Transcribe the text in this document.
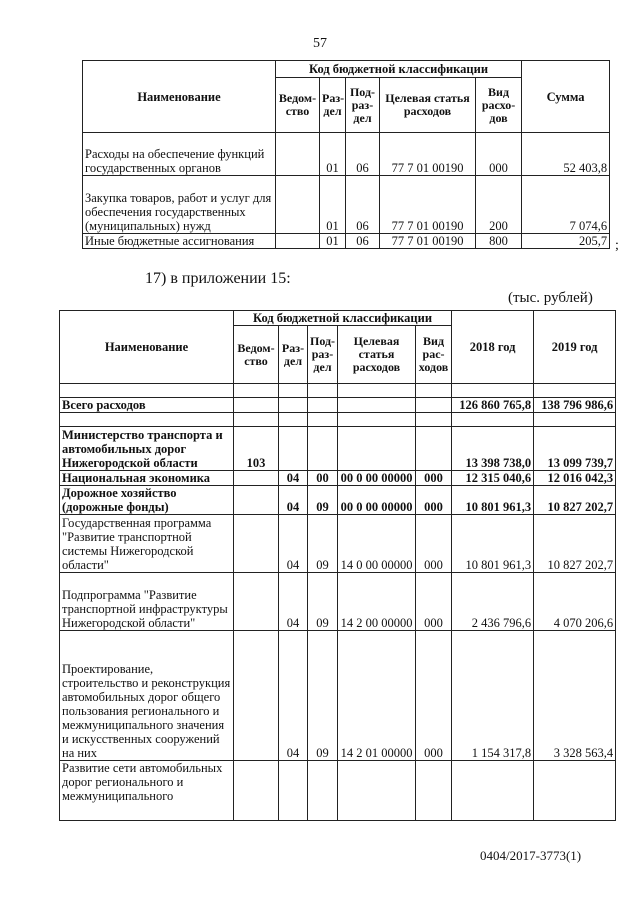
57
Наименование	Код бюджетной классификации					Сумма
	Ведом-ство	Раз-дел	Под-раз-дел	Целевая статья расходов	Вид расхо-дов	
Расходы на обеспечение функций государственных органов		01	06	77 7 01 00190	000	52 403,8
Закупка товаров, работ и услуг для обеспечения государственных (муниципальных) нужд		01	06	77 7 01 00190	200	7 074,6
Иные бюджетные ассигнования		01	06	77 7 01 00190	800	205,7 ;
17) в приложении 15:
(тыс. рублей)
Наименование	Код бюджетной классификации					2018 год	2019 год
	Ведом-ство	Раз-дел	Под-раз-дел	Целевая статья расходов	Вид рас-ходов		

Всего расходов						126 860 765,8	138 796 986,6

Министерство транспорта и автомобильных дорог Нижегородской области	103					13 398 738,0	13 099 739,7
Национальная экономика		04	00	00 0 00 00000	000	12 315 040,6	12 016 042,3
Дорожное хозяйство (дорожные фонды)		04	09	00 0 00 00000	000	10 801 961,3	10 827 202,7
Государственная программа "Развитие транспортной системы Нижегородской области"		04	09	14 0 00 00000	000	10 801 961,3	10 827 202,7
Подпрограмма "Развитие транспортной инфраструктуры Нижегородской области"		04	09	14 2 00 00000	000	2 436 796,6	4 070 206,6
Проектирование, строительство и реконструкция автомобильных дорог общего пользования регионального и межмуниципального значения и искусственных сооружений на них		04	09	14 2 01 00000	000	1 154 317,8	3 328 563,4
Развитие сети автомобильных дорог регионального и межмуниципального							
0404/2017-3773(1)
